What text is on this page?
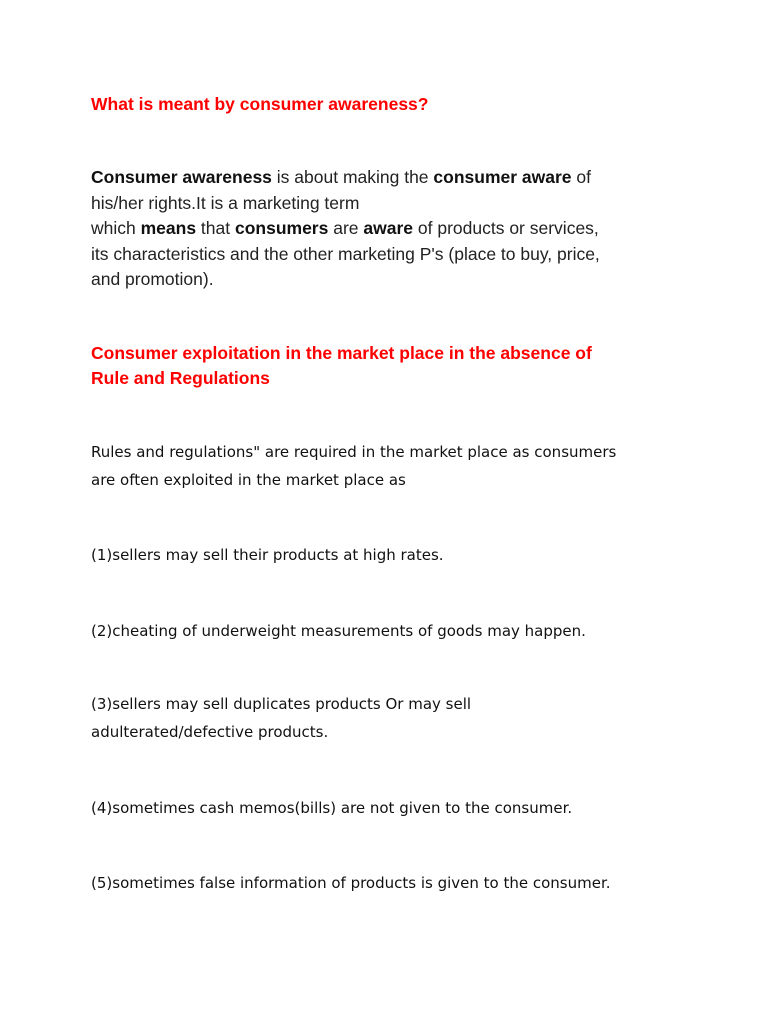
What is meant by consumer awareness?

Consumer awareness is about making the consumer aware of
his/her rights.It is a marketing term
which means that consumers are aware of products or services,
its characteristics and the other marketing P's (place to buy, price,
and promotion).

Consumer exploitation in the market place in the absence of
Rule and Regulations

Rules and regulations" are required in the market place as consumers
are often exploited in the market place as

(1)sellers may sell their products at high rates.

(2)cheating of underweight measurements of goods may happen.

(3)sellers may sell duplicates products Or may sell
adulterated/defective products.

(4)sometimes cash memos(bills) are not given to the consumer.

(5)sometimes false information of products is given to the consumer.
